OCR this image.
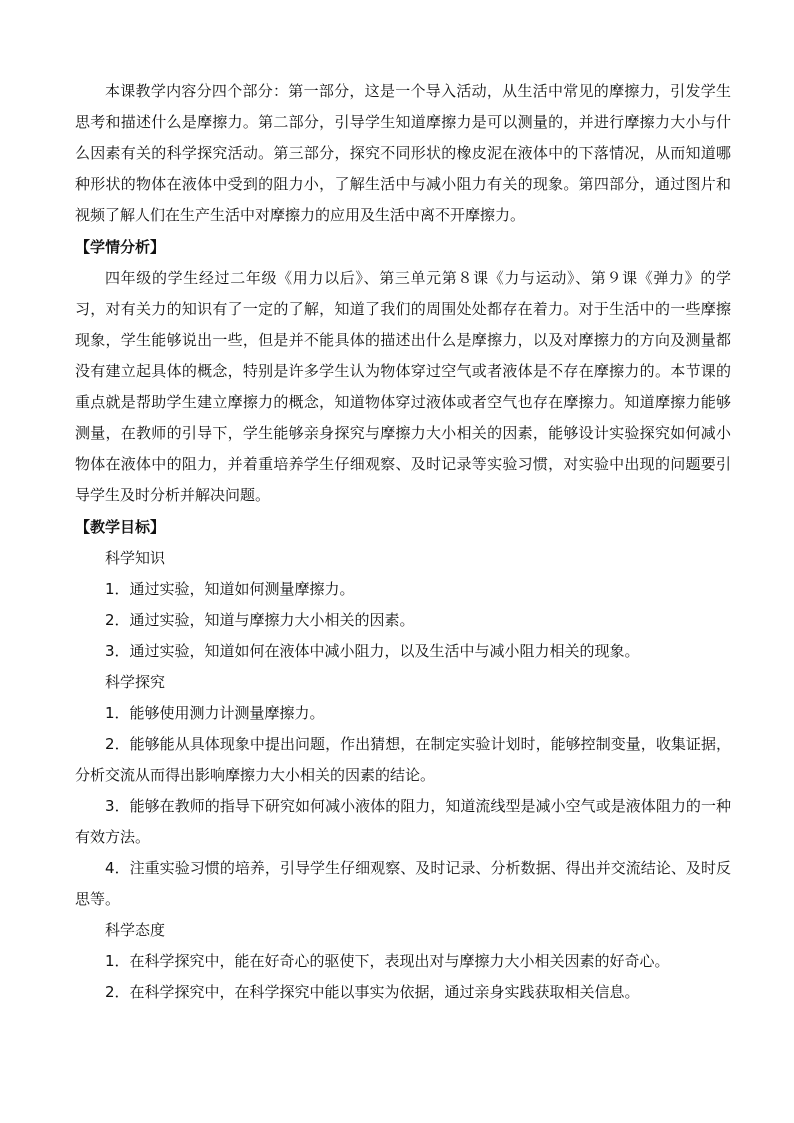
本课教学内容分四个部分：第一部分，这是一个导入活动，从生活中常见的摩擦力，引发学生思考和描述什么是摩擦力。第二部分，引导学生知道摩擦力是可以测量的，并进行摩擦力大小与什么因素有关的科学探究活动。第三部分，探究不同形状的橡皮泥在液体中的下落情况，从而知道哪种形状的物体在液体中受到的阻力小，了解生活中与减小阻力有关的现象。第四部分，通过图片和视频了解人们在生产生活中对摩擦力的应用及生活中离不开摩擦力。

【学情分析】

四年级的学生经过二年级《用力以后》、第三单元第８课《力与运动》、第９课《弹力》的学习，对有关力的知识有了一定的了解，知道了我们的周围处处都存在着力。对于生活中的一些摩擦现象，学生能够说出一些，但是并不能具体的描述出什么是摩擦力，以及对摩擦力的方向及测量都没有建立起具体的概念，特别是许多学生认为物体穿过空气或者液体是不存在摩擦力的。本节课的重点就是帮助学生建立摩擦力的概念，知道物体穿过液体或者空气也存在摩擦力。知道摩擦力能够测量，在教师的引导下，学生能够亲身探究与摩擦力大小相关的因素，能够设计实验探究如何减小物体在液体中的阻力，并着重培养学生仔细观察、及时记录等实验习惯，对实验中出现的问题要引导学生及时分析并解决问题。

【教学目标】
科学知识
1．通过实验，知道如何测量摩擦力。
2．通过实验，知道与摩擦力大小相关的因素。
3．通过实验，知道如何在液体中减小阻力，以及生活中与减小阻力相关的现象。
科学探究
1．能够使用测力计测量摩擦力。
2．能够能从具体现象中提出问题，作出猜想，在制定实验计划时，能够控制变量，收集证据，分析交流从而得出影响摩擦力大小相关的因素的结论。
3．能够在教师的指导下研究如何减小液体的阻力，知道流线型是减小空气或是液体阻力的一种有效方法。
4．注重实验习惯的培养，引导学生仔细观察、及时记录、分析数据、得出并交流结论、及时反思等。
科学态度
1．在科学探究中，能在好奇心的驱使下，表现出对与摩擦力大小相关因素的好奇心。
2．在科学探究中，在科学探究中能以事实为依据，通过亲身实践获取相关信息。
